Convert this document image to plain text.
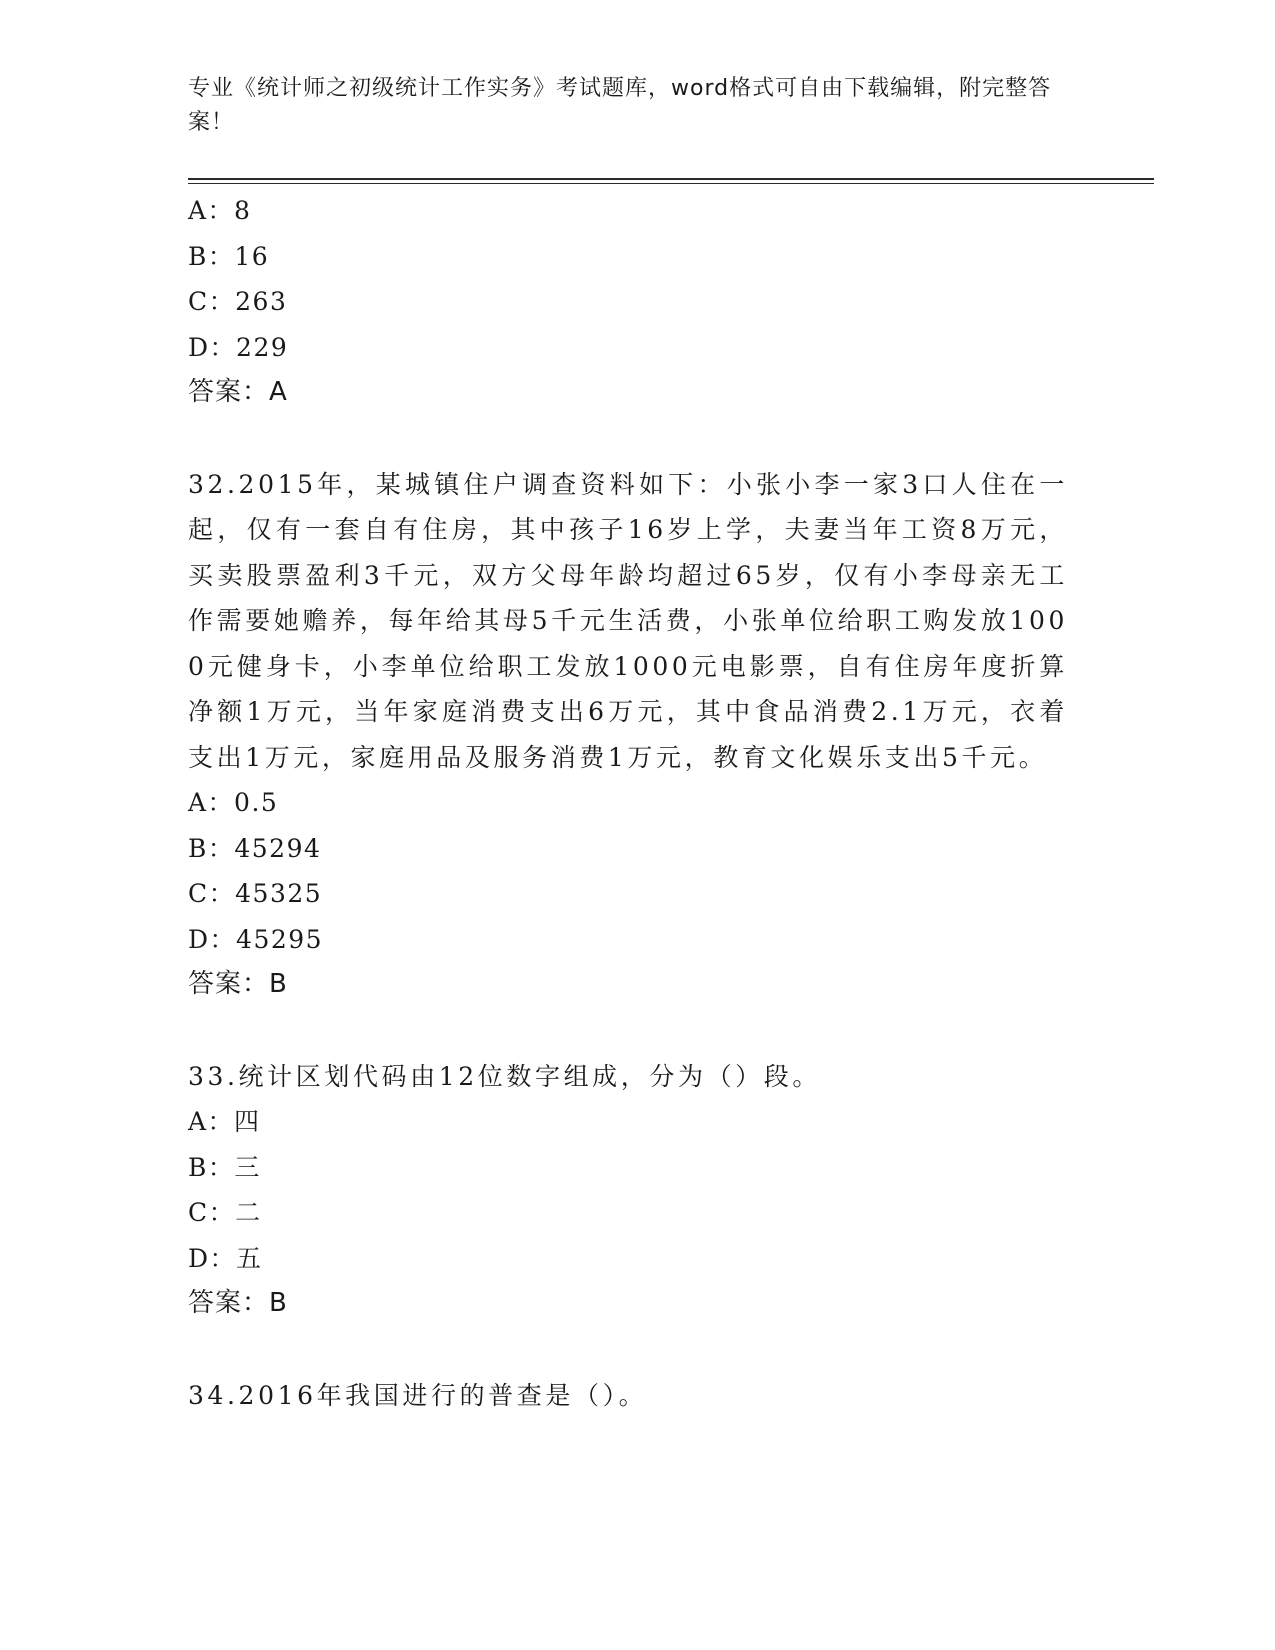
专业《统计师之初级统计工作实务》考试题库，word格式可自由下载编辑，附完整答案！
A：8
B：16
C：263
D：229
答案：A
32.2015年，某城镇住户调查资料如下：小张小李一家3口人住在一起，仅有一套自有住房，其中孩子16岁上学，夫妻当年工资8万元，买卖股票盈利3千元，双方父母年龄均超过65岁，仅有小李母亲无工作需要她赡养，每年给其母5千元生活费，小张单位给职工购发放1000元健身卡，小李单位给职工发放1000元电影票，自有住房年度折算净额1万元，当年家庭消费支出6万元，其中食品消费2.1万元，衣着支出1万元，家庭用品及服务消费1万元，教育文化娱乐支出5千元。
A：0.5
B：45294
C：45325
D：45295
答案：B
33.统计区划代码由12位数字组成，分为（）段。
A：四
B：三
C：二
D：五
答案：B
34.2016年我国进行的普查是（）。
